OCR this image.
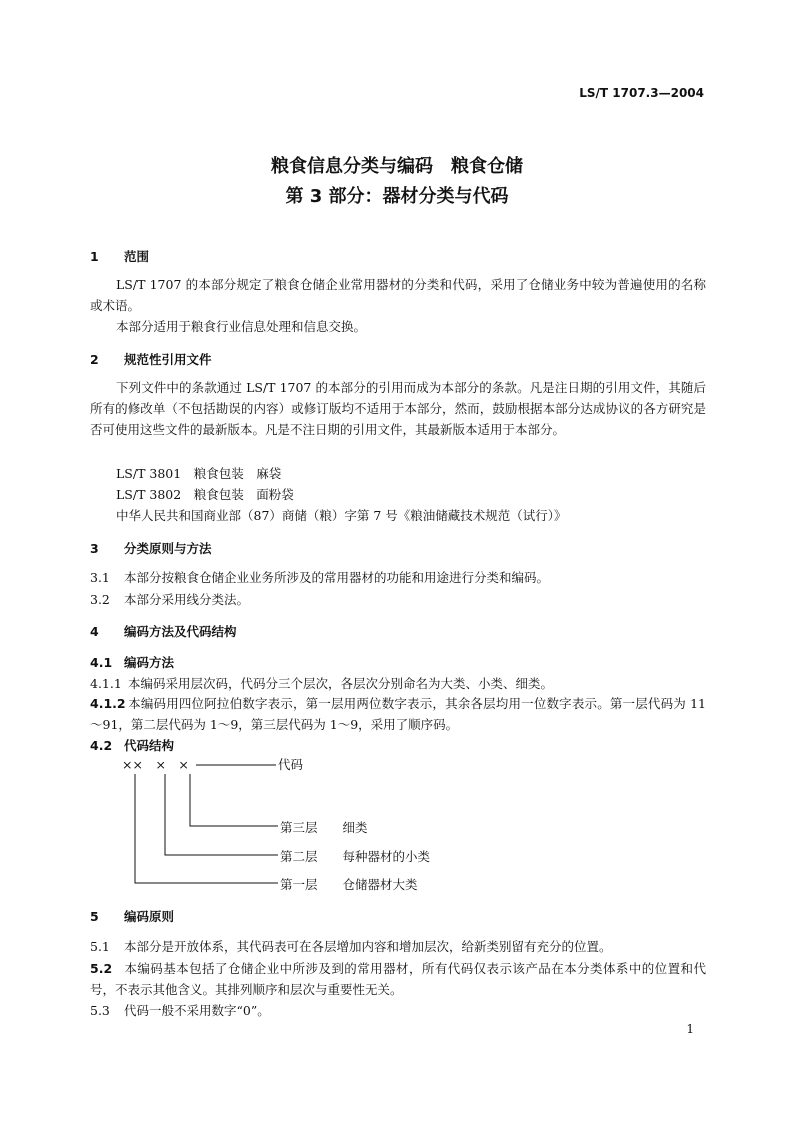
LS/T 1707.3—2004
粮食信息分类与编码　粮食仓储
第 3 部分：器材分类与代码
1 范围
LS/T 1707 的本部分规定了粮食仓储企业常用器材的分类和代码，采用了仓储业务中较为普遍使用的名称或术语。
本部分适用于粮食行业信息处理和信息交换。
2 规范性引用文件
下列文件中的条款通过 LS/T 1707 的本部分的引用而成为本部分的条款。凡是注日期的引用文件，其随后所有的修改单（不包括勘误的内容）或修订版均不适用于本部分，然而，鼓励根据本部分达成协议的各方研究是否可使用这些文件的最新版本。凡是不注日期的引用文件，其最新版本适用于本部分。
LS/T 3801　粮食包装　麻袋
LS/T 3802　粮食包装　面粉袋
中华人民共和国商业部（87）商储（粮）字第 7 号《粮油储藏技术规范（试行）》
3 分类原则与方法
3.1 本部分按粮食仓储企业业务所涉及的常用器材的功能和用途进行分类和编码。
3.2 本部分采用线分类法。
4 编码方法及代码结构
4.1 编码方法
4.1.1 本编码采用层次码，代码分三个层次，各层次分别命名为大类、小类、细类。
4.1.2 本编码用四位阿拉伯数字表示，第一层用两位数字表示，其余各层均用一位数字表示。第一层代码为 11～91，第二层代码为 1～9，第三层代码为 1～9，采用了顺序码。
4.2 代码结构
××　×　×	代码
第三层　　细类
第二层　　每种器材的小类
第一层　　仓储器材大类
5 编码原则
5.1 本部分是开放体系，其代码表可在各层增加内容和增加层次，给新类别留有充分的位置。
5.2 本编码基本包括了仓储企业中所涉及到的常用器材，所有代码仅表示该产品在本分类体系中的位置和代号，不表示其他含义。其排列顺序和层次与重要性无关。
5.3 代码一般不采用数字“0”。
1
